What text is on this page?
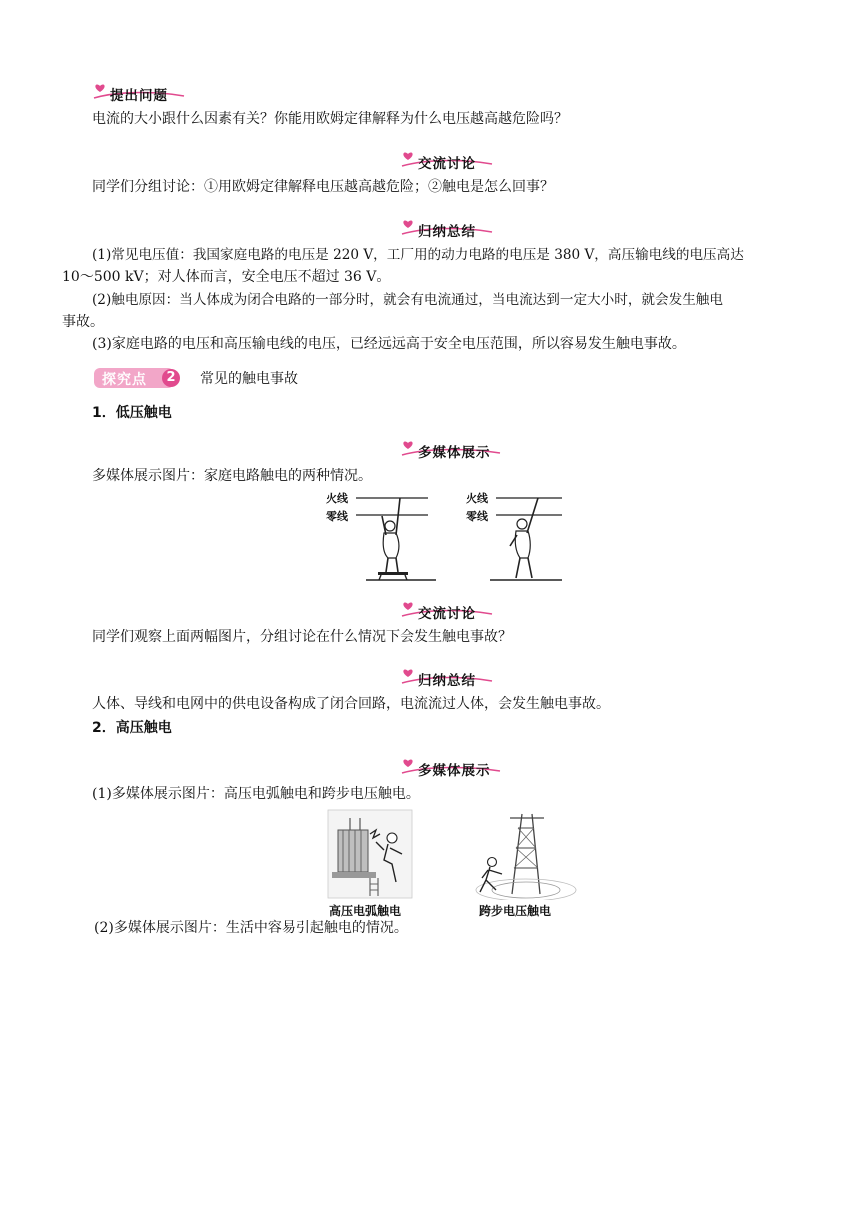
提出问题
电流的大小跟什么因素有关？你能用欧姆定律解释为什么电压越高越危险吗？
交流讨论
同学们分组讨论：①用欧姆定律解释电压越高越危险；②触电是怎么回事？
归纳总结
(1)常见电压值：我国家庭电路的电压是 220 V，工厂用的动力电路的电压是 380 V，高压输电线的电压高达
10～500 kV；对人体而言，安全电压不超过 36 V。
(2)触电原因：当人体成为闭合电路的一部分时，就会有电流通过，当电流达到一定大小时，就会发生触电
事故。
(3)家庭电路的电压和高压输电线的电压，已经远远高于安全电压范围，所以容易发生触电事故。
探究点	2	常见的触电事故
1．低压触电
多媒体展示
多媒体展示图片：家庭电路触电的两种情况。
火线
零线
火线
零线
交流讨论
同学们观察上面两幅图片，分组讨论在什么情况下会发生触电事故？
归纳总结
人体、导线和电网中的供电设备构成了闭合回路，电流流过人体，会发生触电事故。
2．高压触电
多媒体展示
(1)多媒体展示图片：高压电弧触电和跨步电压触电。
高压电弧触电	跨步电压触电
(2)多媒体展示图片：生活中容易引起触电的情况。
